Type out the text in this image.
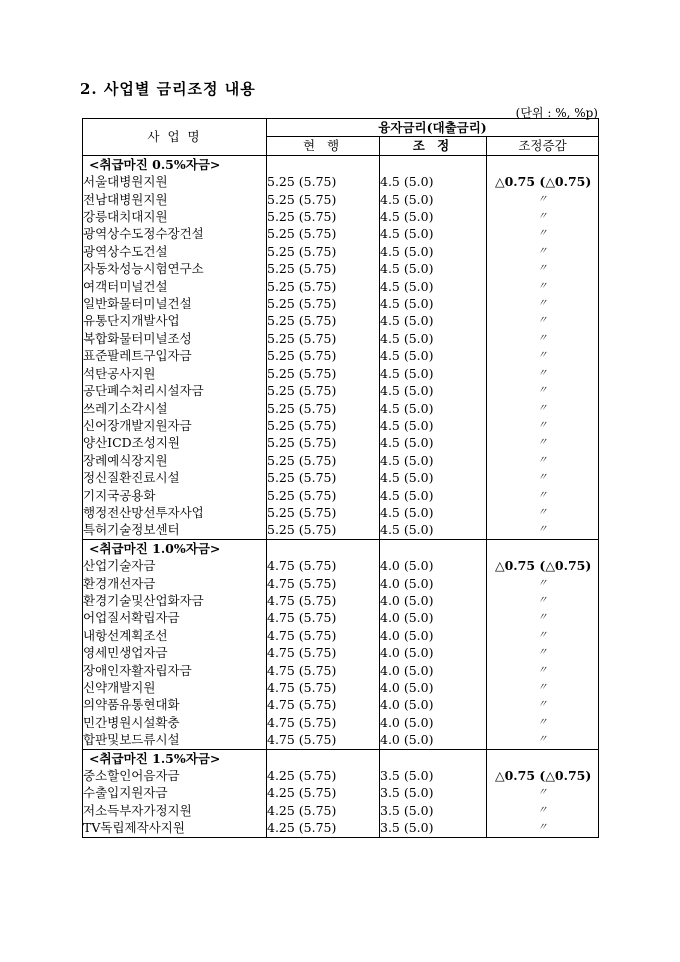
2. 사업별 금리조정 내용
(단위 : %, %p)
사 업 명	융자금리(대출금리)		
	현 행	조 정	조정증감
<취급마진 0.5%자금>			
서울대병원지원	5.25 (5.75)	4.5 (5.0)	△0.75 (△0.75)
전남대병원지원	5.25 (5.75)	4.5 (5.0)	〃
강릉대치대지원	5.25 (5.75)	4.5 (5.0)	〃
광역상수도정수장건설	5.25 (5.75)	4.5 (5.0)	〃
광역상수도건설	5.25 (5.75)	4.5 (5.0)	〃
자동차성능시험연구소	5.25 (5.75)	4.5 (5.0)	〃
여객터미널건설	5.25 (5.75)	4.5 (5.0)	〃
일반화물터미널건설	5.25 (5.75)	4.5 (5.0)	〃
유통단지개발사업	5.25 (5.75)	4.5 (5.0)	〃
복합화물터미널조성	5.25 (5.75)	4.5 (5.0)	〃
표준팔레트구입자금	5.25 (5.75)	4.5 (5.0)	〃
석탄공사지원	5.25 (5.75)	4.5 (5.0)	〃
공단폐수처리시설자금	5.25 (5.75)	4.5 (5.0)	〃
쓰레기소각시설	5.25 (5.75)	4.5 (5.0)	〃
신어장개발지원자금	5.25 (5.75)	4.5 (5.0)	〃
양산ICD조성지원	5.25 (5.75)	4.5 (5.0)	〃
장례예식장지원	5.25 (5.75)	4.5 (5.0)	〃
정신질환진료시설	5.25 (5.75)	4.5 (5.0)	〃
기지국공용화	5.25 (5.75)	4.5 (5.0)	〃
행정전산망선투자사업	5.25 (5.75)	4.5 (5.0)	〃
특허기술정보센터	5.25 (5.75)	4.5 (5.0)	〃
<취급마진 1.0%자금>			
산업기술자금	4.75 (5.75)	4.0 (5.0)	△0.75 (△0.75)
환경개선자금	4.75 (5.75)	4.0 (5.0)	〃
환경기술및산업화자금	4.75 (5.75)	4.0 (5.0)	〃
어업질서확립자금	4.75 (5.75)	4.0 (5.0)	〃
내항선계획조선	4.75 (5.75)	4.0 (5.0)	〃
영세민생업자금	4.75 (5.75)	4.0 (5.0)	〃
장애인자활자립자금	4.75 (5.75)	4.0 (5.0)	〃
신약개발지원	4.75 (5.75)	4.0 (5.0)	〃
의약품유통현대화	4.75 (5.75)	4.0 (5.0)	〃
민간병원시설확충	4.75 (5.75)	4.0 (5.0)	〃
합판및보드류시설	4.75 (5.75)	4.0 (5.0)	〃
<취급마진 1.5%자금>			
중소할인어음자금	4.25 (5.75)	3.5 (5.0)	△0.75 (△0.75)
수출입지원자금	4.25 (5.75)	3.5 (5.0)	〃
저소득부자가정지원	4.25 (5.75)	3.5 (5.0)	〃
TV독립제작사지원	4.25 (5.75)	3.5 (5.0)	〃
